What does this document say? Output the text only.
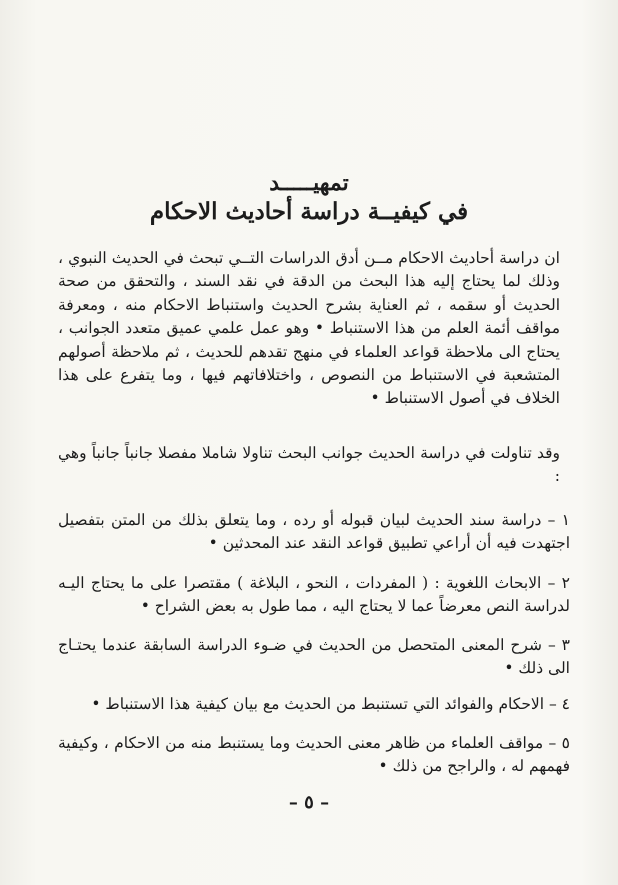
تمهيـــــد
في كيفيــة دراسة أحاديث الاحكام
ان دراسة أحاديث الاحكام مــن أدق الدراسات التــي تبحث في الحديث النبوي ، وذلك لما يحتاج إليه هذا البحث من الدقة في نقد السند ، والتحقق من صحة الحديث أو سقمه ، ثم العناية بشرح الحديث واستنباط الاحكام منه ، ومعرفة مواقف أئمة العلم من هذا الاستنباط • وهو عمل علمي عميق متعدد الجوانب ، يحتاج الى ملاحظة قواعد العلماء في منهج تقدهم للحديث ، ثم ملاحظة أصولهم المتشعبة في الاستنباط من النصوص ، واختلافاتهم فيها ، وما يتفرع على هذا الخلاف في أصول الاستنباط •
وقد تناولت في دراسة الحديث جوانب البحث تناولا شاملا مفصلا جانباً جانباً وهي :
١ – دراسة سند الحديث لبيان قبوله أو رده ، وما يتعلق بذلك من المتن بتفصيل اجتهدت فيه أن أراعي تطبيق قواعد النقد عند المحدثين •
٢ – الابحاث اللغوية : ( المفردات ، النحو ، البلاغة ) مقتصرا على ما يحتاج اليـه لدراسة النص معرضاً عما لا يحتاج اليه ، مما طول به بعض الشراح •
٣ – شرح المعنى المتحصل من الحديث في ضـوء الدراسة السابقة عندما يحتـاج الى ذلك •
٤ – الاحكام والفوائد التي تستنبط من الحديث مع بيان كيفية هذا الاستنباط •
٥ – مواقف العلماء من ظاهر معنى الحديث وما يستنبط منه من الاحكام ، وكيفية فهمهم له ، والراجح من ذلك •
– ٥ –
